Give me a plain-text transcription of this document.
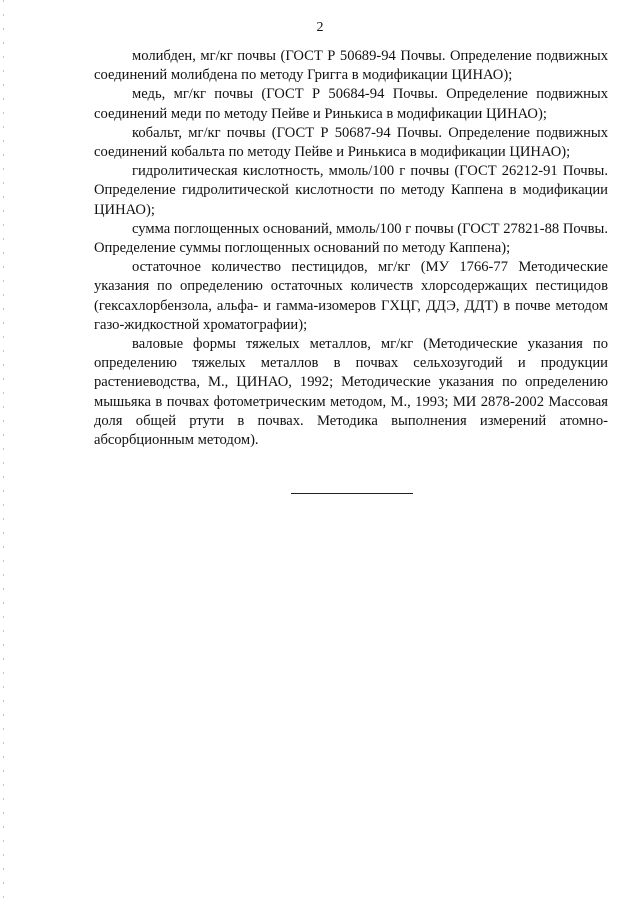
2

молибден, мг/кг почвы (ГОСТ Р 50689-94 Почвы. Определение подвижных соединений молибдена по методу Григга в модификации ЦИНАО);

медь, мг/кг почвы (ГОСТ Р 50684-94 Почвы. Определение подвижных соединений меди по методу Пейве и Ринькиса в модификации ЦИНАО);

кобальт, мг/кг почвы (ГОСТ Р 50687-94 Почвы. Определение подвижных соединений кобальта по методу Пейве и Ринькиса в модификации ЦИНАО);

гидролитическая кислотность, ммоль/100 г почвы (ГОСТ 26212-91 Почвы. Определение гидролитической кислотности по методу Каппена в модификации ЦИНАО);

сумма поглощенных оснований, ммоль/100 г почвы (ГОСТ 27821-88 Почвы. Определение суммы поглощенных оснований по методу Каппена);

остаточное количество пестицидов, мг/кг (МУ 1766-77 Методические указания по определению остаточных количеств хлорсодержащих пестицидов (гексахлорбензола, альфа- и гамма-изомеров ГХЦГ, ДДЭ, ДДТ) в почве методом газо-жидкостной хроматографии);

валовые формы тяжелых металлов, мг/кг (Методические указания по определению тяжелых металлов в почвах сельхозугодий и продукции растениеводства, М., ЦИНАО, 1992; Методические указания по определению мышьяка в почвах фотометрическим методом, М., 1993; МИ 2878-2002 Массовая доля общей ртути в почвах. Методика выполнения измерений атомно-абсорбционным методом).
